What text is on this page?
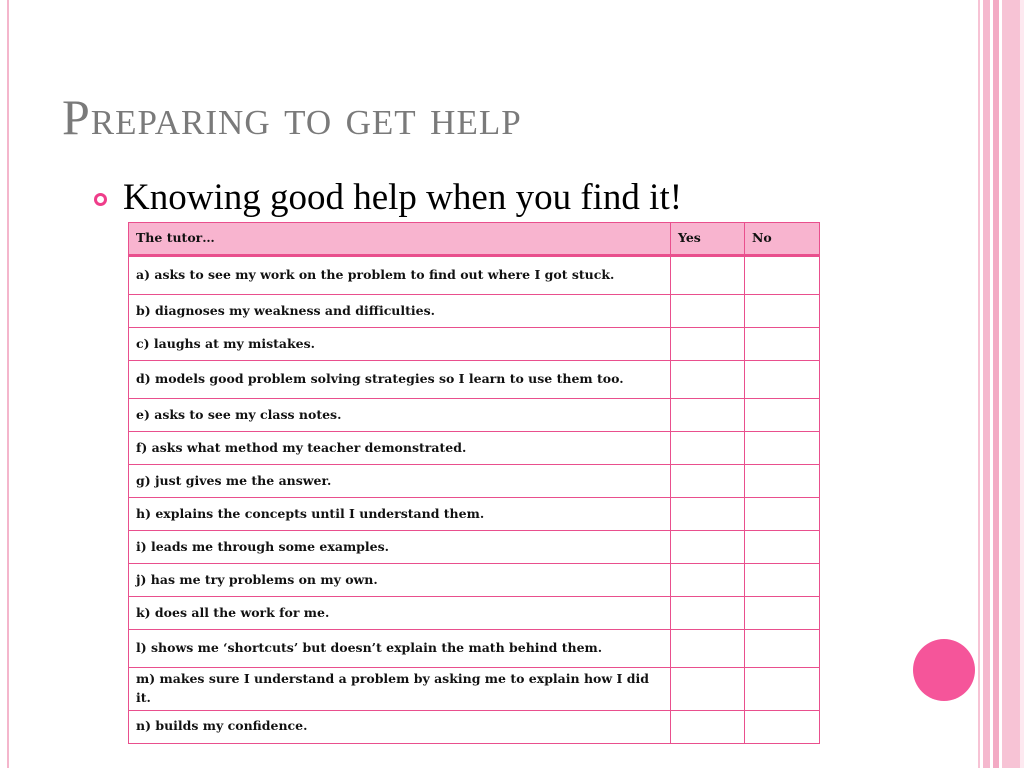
Preparing to get help
Knowing good help when you find it!
The tutor…	Yes	No
a) asks to see my work on the problem to find out where I got stuck.		
b) diagnoses my weakness and difficulties.		
c) laughs at my mistakes.		
d) models good problem solving strategies so I learn to use them too.		
e) asks to see my class notes.		
f) asks what method my teacher demonstrated.		
g) just gives me the answer.		
h) explains the concepts until I understand them.		
i) leads me through some examples.		
j) has me try problems on my own.		
k) does all the work for me.		
l) shows me ‘shortcuts’ but doesn’t explain the math behind them.		
m) makes sure I understand a problem by asking me to explain how I did it.		
n) builds my confidence.		
